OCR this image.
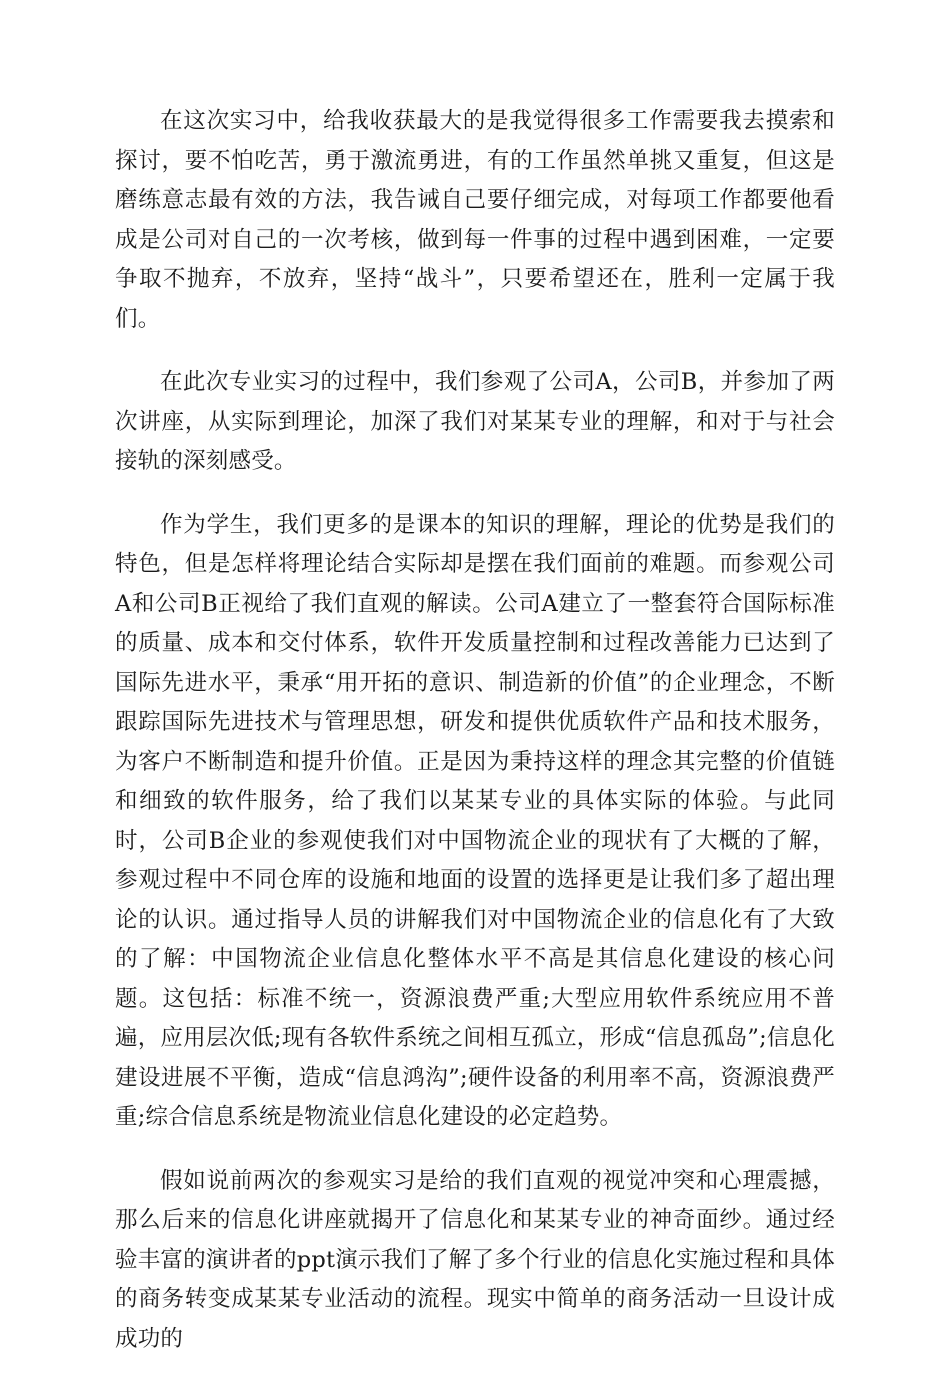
在这次实习中，给我收获最大的是我觉得很多工作需要我去摸索和探讨，要不怕吃苦，勇于激流勇进，有的工作虽然单挑又重复，但这是磨练意志最有效的方法，我告诫自己要仔细完成，对每项工作都要他看成是公司对自己的一次考核，做到每一件事的过程中遇到困难，一定要争取不抛弃，不放弃，坚持“战斗”，只要希望还在，胜利一定属于我们。

在此次专业实习的过程中，我们参观了公司A，公司B，并参加了两次讲座，从实际到理论，加深了我们对某某专业的理解，和对于与社会接轨的深刻感受。

作为学生，我们更多的是课本的知识的理解，理论的优势是我们的特色，但是怎样将理论结合实际却是摆在我们面前的难题。而参观公司A和公司B正视给了我们直观的解读。公司A建立了一整套符合国际标准的质量、成本和交付体系，软件开发质量控制和过程改善能力已达到了国际先进水平，秉承“用开拓的意识、制造新的价值”的企业理念，不断跟踪国际先进技术与管理思想，研发和提供优质软件产品和技术服务，为客户不断制造和提升价值。正是因为秉持这样的理念其完整的价值链和细致的软件服务，给了我们以某某专业的具体实际的体验。与此同时，公司B企业的参观使我们对中国物流企业的现状有了大概的了解，参观过程中不同仓库的设施和地面的设置的选择更是让我们多了超出理论的认识。通过指导人员的讲解我们对中国物流企业的信息化有了大致的了解：中国物流企业信息化整体水平不高是其信息化建设的核心问题。这包括：标准不统一，资源浪费严重;大型应用软件系统应用不普遍，应用层次低;现有各软件系统之间相互孤立，形成“信息孤岛”;信息化建设进展不平衡，造成“信息鸿沟”;硬件设备的利用率不高，资源浪费严重;综合信息系统是物流业信息化建设的必定趋势。

假如说前两次的参观实习是给的我们直观的视觉冲突和心理震撼，那么后来的信息化讲座就揭开了信息化和某某专业的神奇面纱。通过经验丰富的演讲者的ppt演示我们了解了多个行业的信息化实施过程和具体的商务转变成某某专业活动的流程。现实中简单的商务活动一旦设计成成功的
